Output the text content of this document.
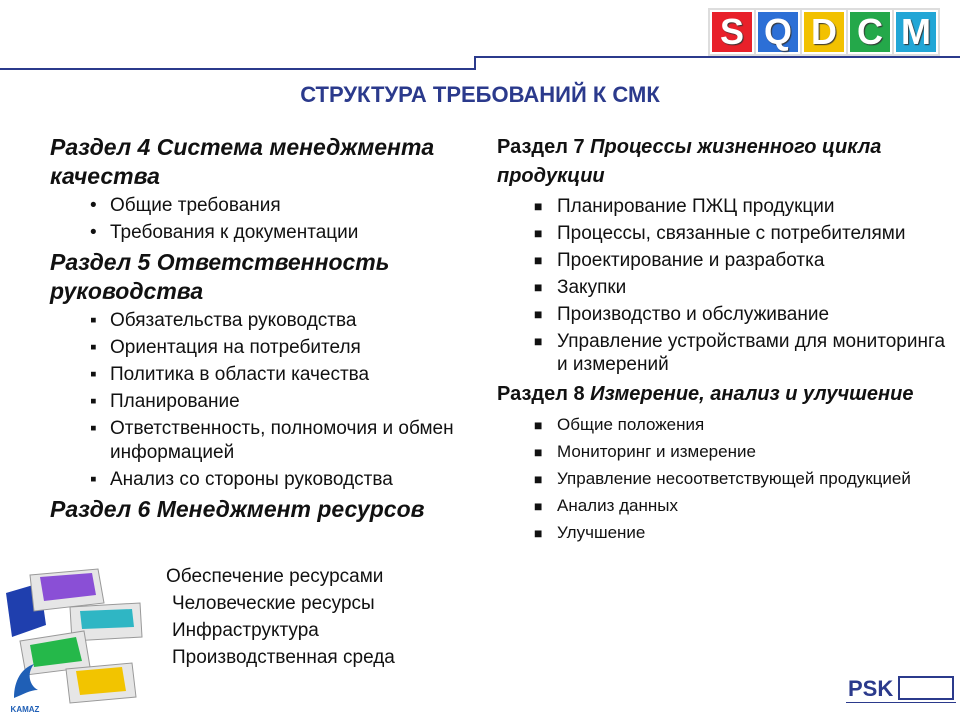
S Q D C M
СТРУКТУРА ТРЕБОВАНИЙ К СМК

Раздел 4 Система менеджмента качества

• Общие требования
• Требования к документации

Раздел 5 Ответственность руководства

▪ Обязательства руководства
▪ Ориентация на потребителя
▪ Политика в области качества
▪ Планирование
▪ Ответственность, полномочия и обмен информацией
▪ Анализ со стороны руководства

Раздел 6 Менеджмент ресурсов

Обеспечение ресурсами
Человеческие ресурсы
Инфраструктура
Производственная среда

Раздел 7 Процессы жизненного цикла продукции

■ Планирование ПЖЦ продукции
■ Процессы, связанные с потребителями
■ Проектирование и разработка
■ Закупки
■ Производство и обслуживание
■ Управление устройствами для мониторинга и измерений

Раздел 8 Измерение, анализ и улучшение

■ Общие положения
■ Мониторинг и измерение
■ Управление несоответствующей продукцией
■ Анализ данных
■ Улучшение
KAMAZ
PSK
